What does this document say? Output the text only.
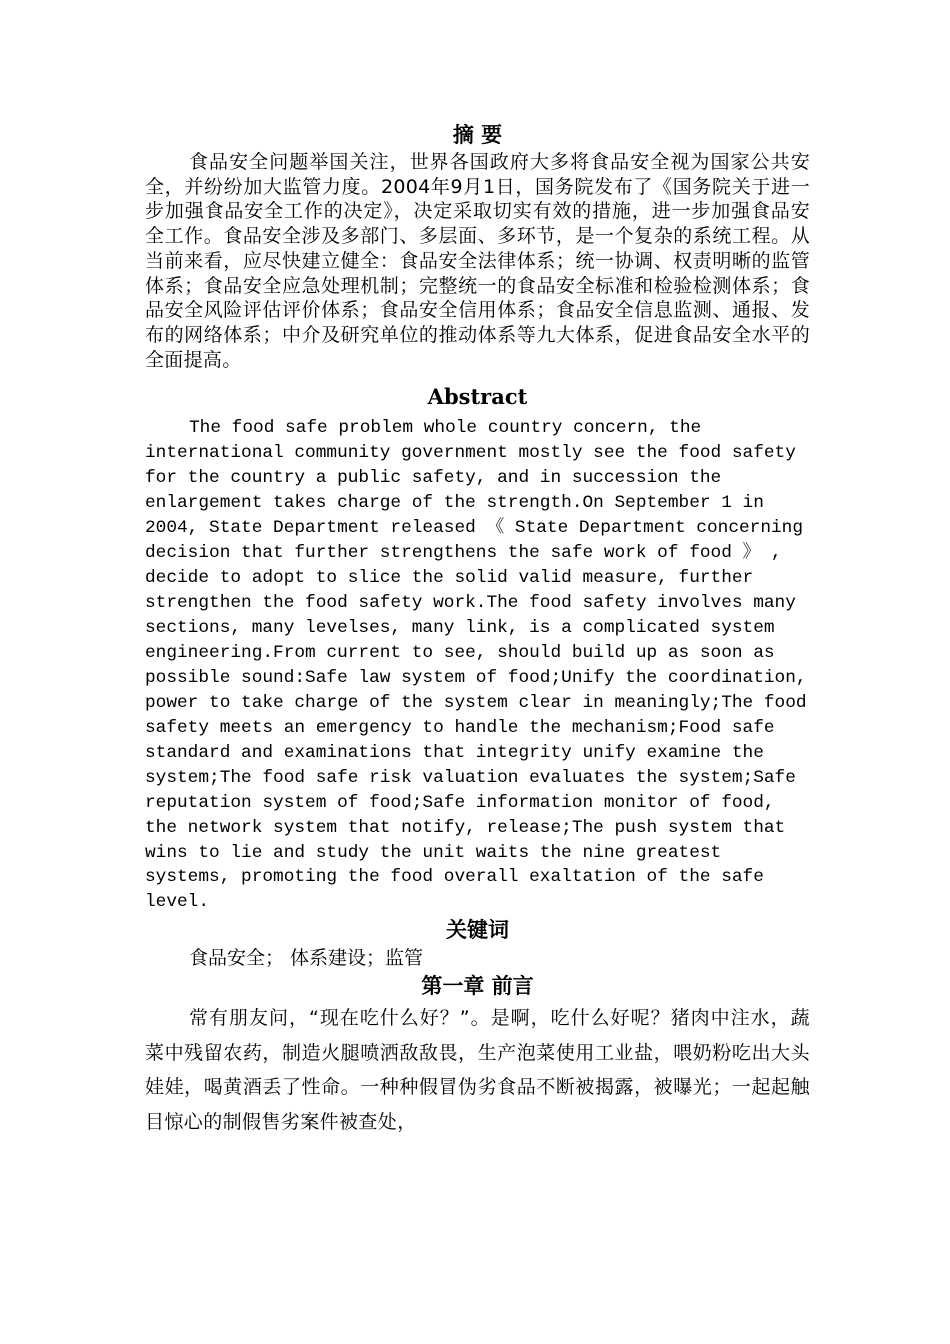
摘 要

食品安全问题举国关注，世界各国政府大多将食品安全视为国家公共安全，并纷纷加大监管力度。2004年9月1日，国务院发布了《国务院关于进一步加强食品安全工作的决定》，决定采取切实有效的措施，进一步加强食品安全工作。食品安全涉及多部门、多层面、多环节，是一个复杂的系统工程。从当前来看，应尽快建立健全：食品安全法律体系；统一协调、权责明晰的监管体系；食品安全应急处理机制；完整统一的食品安全标准和检验检测体系；食品安全风险评估评价体系；食品安全信用体系；食品安全信息监测、通报、发布的网络体系；中介及研究单位的推动体系等九大体系，促进食品安全水平的全面提高。

Abstract

The food safe problem whole country concern, the international community government mostly see the food safety for the country a public safety, and in succession the enlargement takes charge of the strength.On September 1 in 2004, State Department released 《 State Department concerning decision that further strengthens the safe work of food 》 , decide to adopt to slice the solid valid measure, further strengthen the food safety work.The food safety involves many sections, many levelses, many link, is a complicated system engineering.From current to see, should build up as soon as possible sound:Safe law system of food;Unify the coordination, power to take charge of the system clear in meaningly;The food safety meets an emergency to handle the mechanism;Food safe standard and examinations that integrity unify examine the system;The food safe risk valuation evaluates the system;Safe reputation system of food;Safe information monitor of food, the network system that notify, release;The push system that wins to lie and study the unit waits the nine greatest systems, promoting the food overall exaltation of the safe level.

关键词

食品安全； 体系建设；监管

第一章 前言

常有朋友问，“现在吃什么好？”。是啊，吃什么好呢？猪肉中注水，蔬菜中残留农药，制造火腿喷洒敌敌畏，生产泡菜使用工业盐，喂奶粉吃出大头娃娃，喝黄酒丢了性命。一种种假冒伪劣食品不断被揭露，被曝光；一起起触目惊心的制假售劣案件被查处，
